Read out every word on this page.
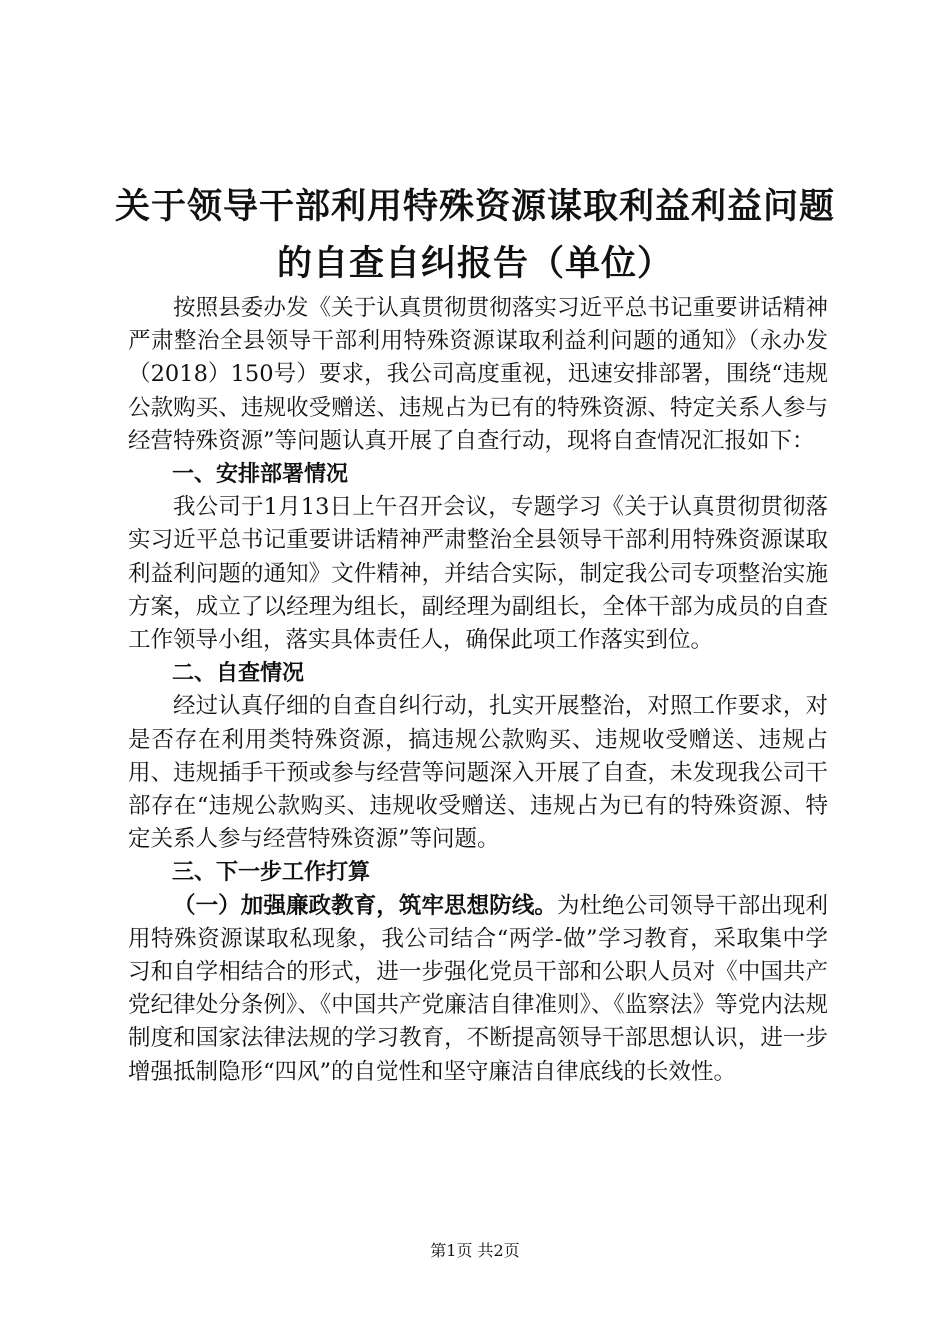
关于领导干部利用特殊资源谋取利益利益问题
的自查自纠报告（单位）

按照县委办发《关于认真贯彻贯彻落实习近平总书记重要讲话精神严肃整治全县领导干部利用特殊资源谋取利益利问题的通知》（永办发（2018）150号）要求，我公司高度重视，迅速安排部署，围绕“违规公款购买、违规收受赠送、违规占为已有的特殊资源、特定关系人参与经营特殊资源”等问题认真开展了自查行动，现将自查情况汇报如下：

一、安排部署情况

我公司于1月13日上午召开会议，专题学习《关于认真贯彻贯彻落实习近平总书记重要讲话精神严肃整治全县领导干部利用特殊资源谋取利益利问题的通知》文件精神，并结合实际，制定我公司专项整治实施方案，成立了以经理为组长，副经理为副组长，全体干部为成员的自查工作领导小组，落实具体责任人，确保此项工作落实到位。

二、自查情况

经过认真仔细的自查自纠行动，扎实开展整治，对照工作要求，对是否存在利用类特殊资源，搞违规公款购买、违规收受赠送、违规占用、违规插手干预或参与经营等问题深入开展了自查，未发现我公司干部存在“违规公款购买、违规收受赠送、违规占为已有的特殊资源、特定关系人参与经营特殊资源”等问题。

三、下一步工作打算

（一）加强廉政教育，筑牢思想防线。为杜绝公司领导干部出现利用特殊资源谋取私现象，我公司结合“两学-做”学习教育，采取集中学习和自学相结合的形式，进一步强化党员干部和公职人员对《中国共产党纪律处分条例》、《中国共产党廉洁自律准则》、《监察法》等党内法规制度和国家法律法规的学习教育，不断提高领导干部思想认识，进一步增强抵制隐形“四风”的自觉性和坚守廉洁自律底线的长效性。

第1页 共2页
